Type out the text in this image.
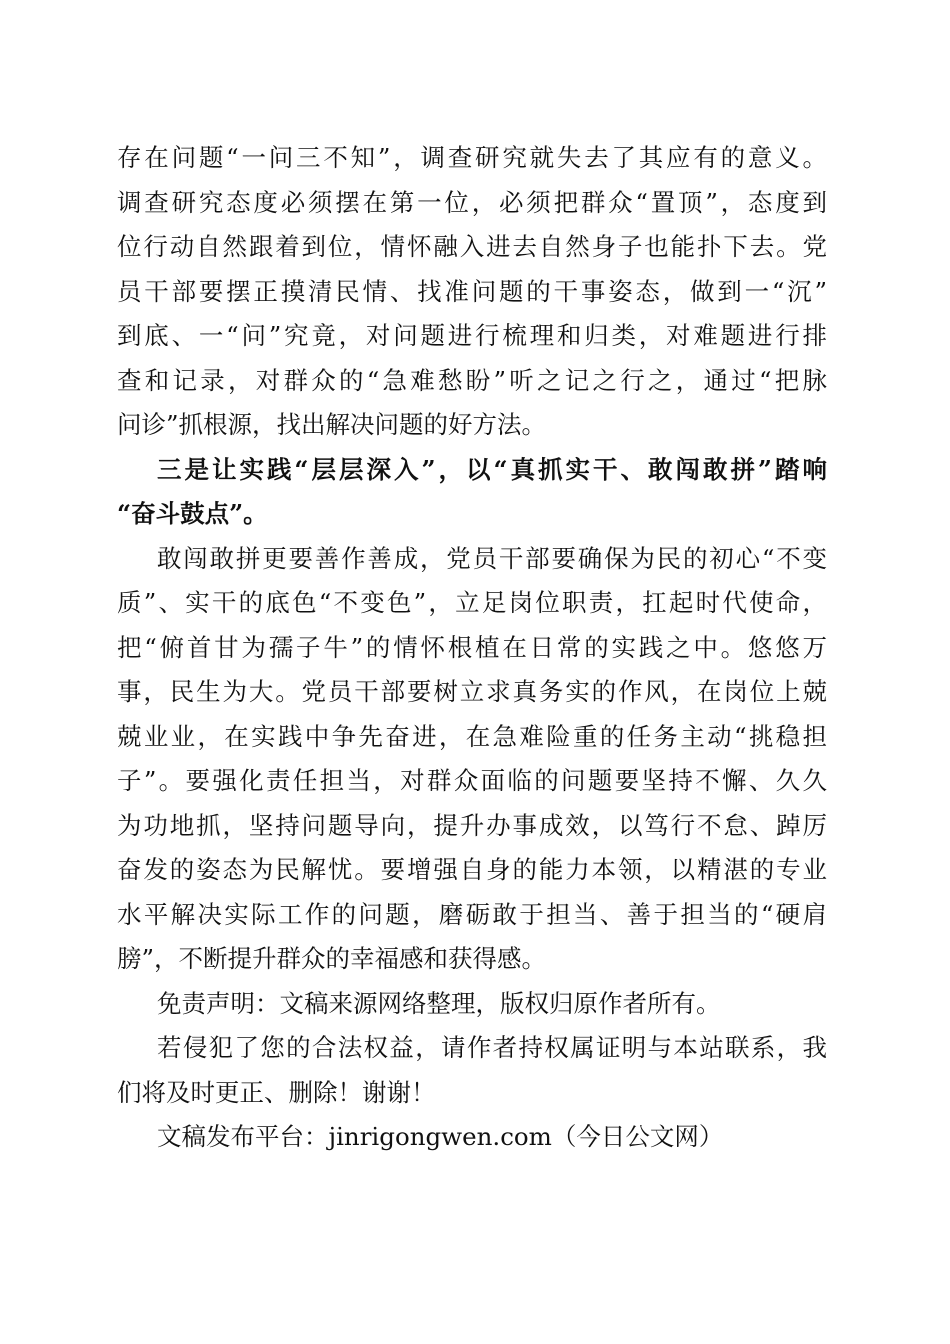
存在问题“一问三不知”，调查研究就失去了其应有的意义。
调查研究态度必须摆在第一位，必须把群众“置顶”，态度到
位行动自然跟着到位，情怀融入进去自然身子也能扑下去。党
员干部要摆正摸清民情、找准问题的干事姿态，做到一“沉”
到底、一“问”究竟，对问题进行梳理和归类，对难题进行排
查和记录，对群众的“急难愁盼”听之记之行之，通过“把脉
问诊”抓根源，找出解决问题的好方法。
三是让实践“层层深入”，以“真抓实干、敢闯敢拼”踏响
“奋斗鼓点”。
敢闯敢拼更要善作善成，党员干部要确保为民的初心“不变
质”、实干的底色“不变色”，立足岗位职责，扛起时代使命，
把“俯首甘为孺子牛”的情怀根植在日常的实践之中。悠悠万
事，民生为大。党员干部要树立求真务实的作风，在岗位上兢
兢业业，在实践中争先奋进，在急难险重的任务主动“挑稳担
子”。要强化责任担当，对群众面临的问题要坚持不懈、久久
为功地抓，坚持问题导向，提升办事成效，以笃行不怠、踔厉
奋发的姿态为民解忧。要增强自身的能力本领，以精湛的专业
水平解决实际工作的问题，磨砺敢于担当、善于担当的“硬肩
膀”，不断提升群众的幸福感和获得感。
免责声明：文稿来源网络整理，版权归原作者所有。
若侵犯了您的合法权益，请作者持权属证明与本站联系，我
们将及时更正、删除！谢谢！
文稿发布平台：jinrigongwen.com（今日公文网）
